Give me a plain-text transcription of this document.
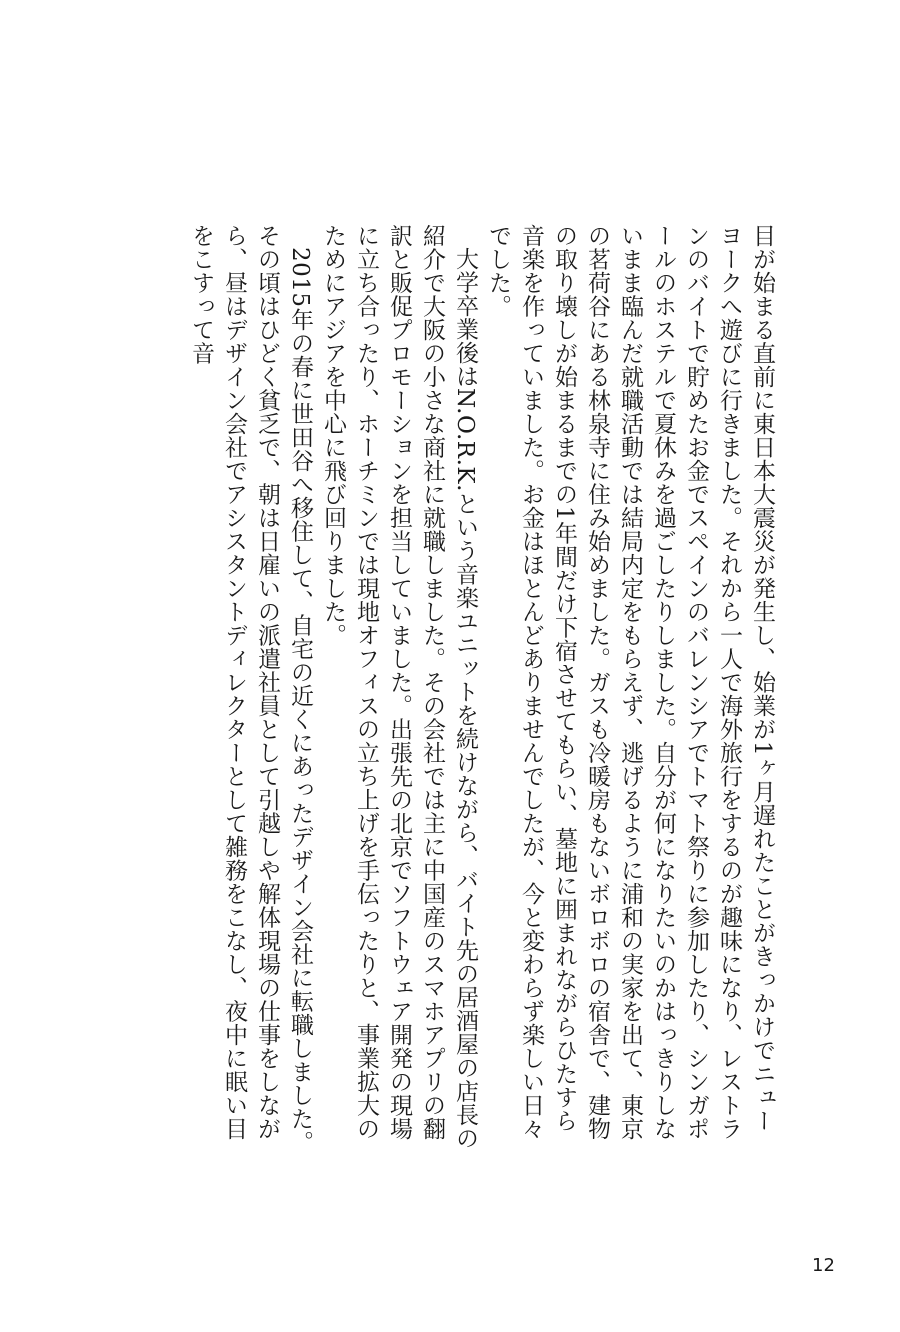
目が始まる直前に東日本大震災が発生し、始業が1ヶ月遅れたことがきっかけでニューヨークへ遊びに行きました。それから一人で海外旅行をするのが趣味になり、レストランのバイトで貯めたお金でスペインのバレンシアでトマト祭りに参加したり、シンガポールのホステルで夏休みを過ごしたりしました。自分が何になりたいのかはっきりしないまま臨んだ就職活動では結局内定をもらえず、逃げるように浦和の実家を出て、東京の茗荷谷にある林泉寺に住み始めました。ガスも冷暖房もないボロボロの宿舎で、建物の取り壊しが始まるまでの1年間だけ下宿させてもらい、墓地に囲まれながらひたすら音楽を作っていました。お金はほとんどありませんでしたが、今と変わらず楽しい日々でした。

大学卒業後はN.O.R.K.という音楽ユニットを続けながら、バイト先の居酒屋の店長の紹介で大阪の小さな商社に就職しました。その会社では主に中国産のスマホアプリの翻訳と販促プロモーションを担当していました。出張先の北京でソフトウェア開発の現場に立ち合ったり、ホーチミンでは現地オフィスの立ち上げを手伝ったりと、事業拡大のためにアジアを中心に飛び回りました。

2015年の春に世田谷へ移住して、自宅の近くにあったデザイン会社に転職しました。その頃はひどく貧乏で、朝は日雇いの派遣社員として引越しや解体現場の仕事をしながら、昼はデザイン会社でアシスタントディレクターとして雑務をこなし、夜中に眠い目をこすって音

12
